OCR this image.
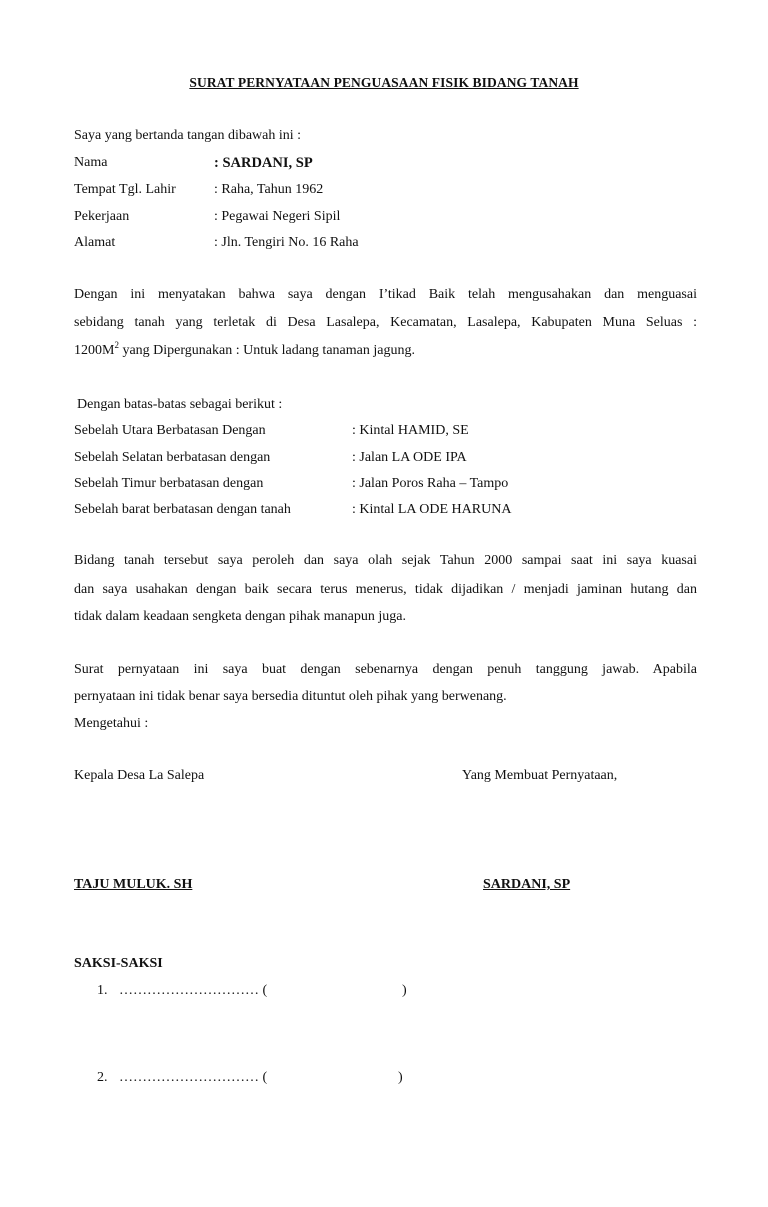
SURAT PERNYATAAN PENGUASAAN FISIK BIDANG TANAH
Saya yang bertanda tangan dibawah ini :
Nama	: SARDANI, SP
Tempat Tgl. Lahir	: Raha, Tahun 1962
Pekerjaan	: Pegawai Negeri Sipil
Alamat	: Jln. Tengiri No. 16 Raha
Dengan ini menyatakan bahwa saya dengan I’tikad Baik telah mengusahakan dan menguasai
sebidang tanah yang terletak di Desa Lasalepa, Kecamatan, Lasalepa, Kabupaten Muna Seluas :
$1200M^2$ yang Dipergunakan : Untuk ladang tanaman jagung.
Dengan batas-batas sebagai berikut :
Sebelah Utara Berbatasan Dengan	: Kintal HAMID, SE
Sebelah Selatan berbatasan dengan	: Jalan LA ODE IPA
Sebelah Timur berbatasan dengan	: Jalan Poros Raha – Tampo
Sebelah barat berbatasan dengan tanah	: Kintal LA ODE HARUNA
Bidang tanah tersebut saya peroleh dan saya olah sejak Tahun 2000 sampai saat ini saya kuasai
dan saya usahakan dengan baik secara terus menerus, tidak dijadikan / menjadi jaminan hutang dan
tidak dalam keadaan sengketa dengan pihak manapun juga.
Surat pernyataan ini saya buat dengan sebenarnya dengan penuh tanggung jawab. Apabila
pernyataan ini tidak benar saya bersedia dituntut oleh pihak yang berwenang.
Mengetahui :
Kepala Desa La Salepa	Yang Membuat Pernyataan,
TAJU MULUK. SH	SARDANI, SP
SAKSI-SAKSI
1. ………………………… (	)
2. ………………………… (	)
